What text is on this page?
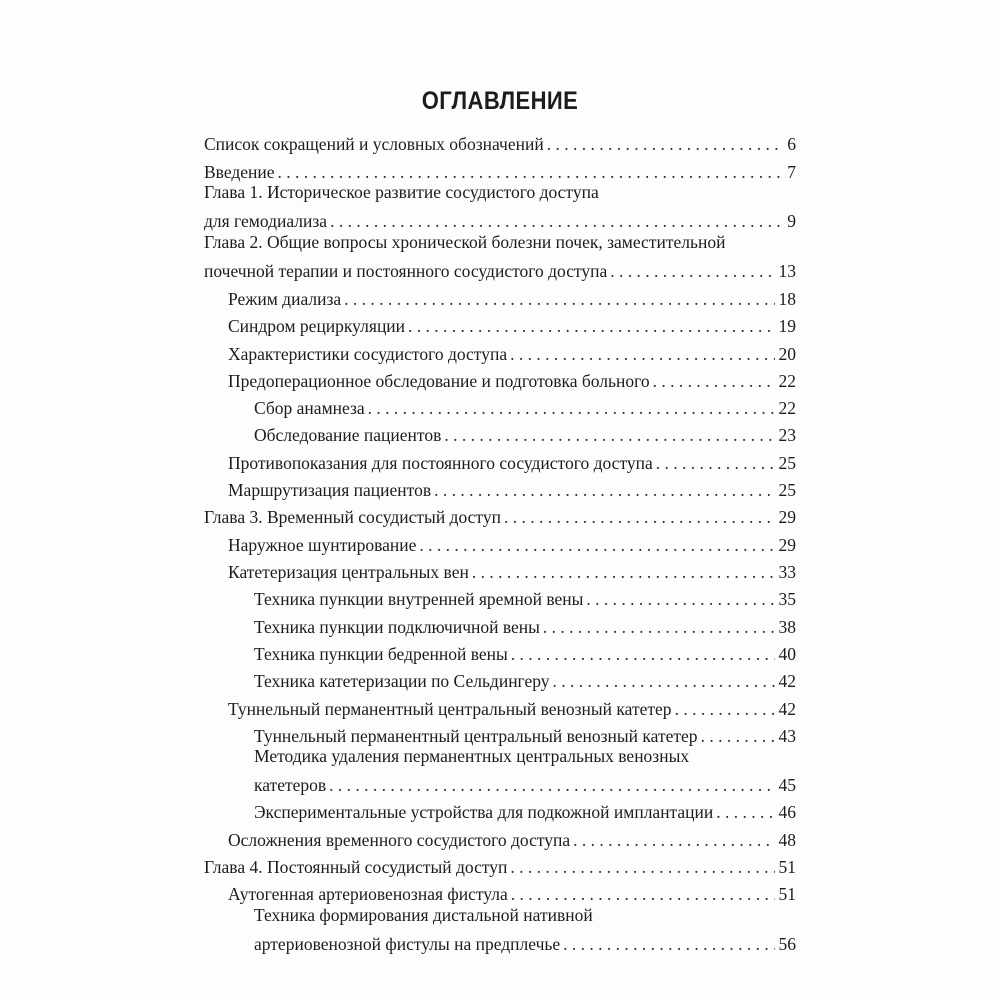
ОГЛАВЛЕНИЕ
Список сокращений и условных обозначений . . .	6
Введение . . .	7
Глава 1. Историческое развитие сосудистого доступа
для гемодиализа . . .	9
Глава 2. Общие вопросы хронической болезни почек, заместительной
почечной терапии и постоянного сосудистого доступа . . .	13
Режим диализа . . .	18
Синдром рециркуляции . . .	19
Характеристики сосудистого доступа . . .	20
Предоперационное обследование и подготовка больного . . .	22
Сбор анамнеза . . .	22
Обследование пациентов . . .	23
Противопоказания для постоянного сосудистого доступа . . .	25
Маршрутизация пациентов . . .	25
Глава 3. Временный сосудистый доступ . . .	29
Наружное шунтирование . . .	29
Катетеризация центральных вен . . .	33
Техника пункции внутренней яремной вены . . .	35
Техника пункции подключичной вены . . .	38
Техника пункции бедренной вены . . .	40
Техника катетеризации по Сельдингеру . . .	42
Туннельный перманентный центральный венозный катетер . . .	42
Туннельный перманентный центральный венозный катетер . . .	43
Методика удаления перманентных центральных венозных
катетеров . . .	45
Экспериментальные устройства для подкожной имплантации . . .	46
Осложнения временного сосудистого доступа . . .	48
Глава 4. Постоянный сосудистый доступ . . .	51
Аутогенная артериовенозная фистула . . .	51
Техника формирования дистальной нативной
артериовенозной фистулы на предплечье . . .	56
